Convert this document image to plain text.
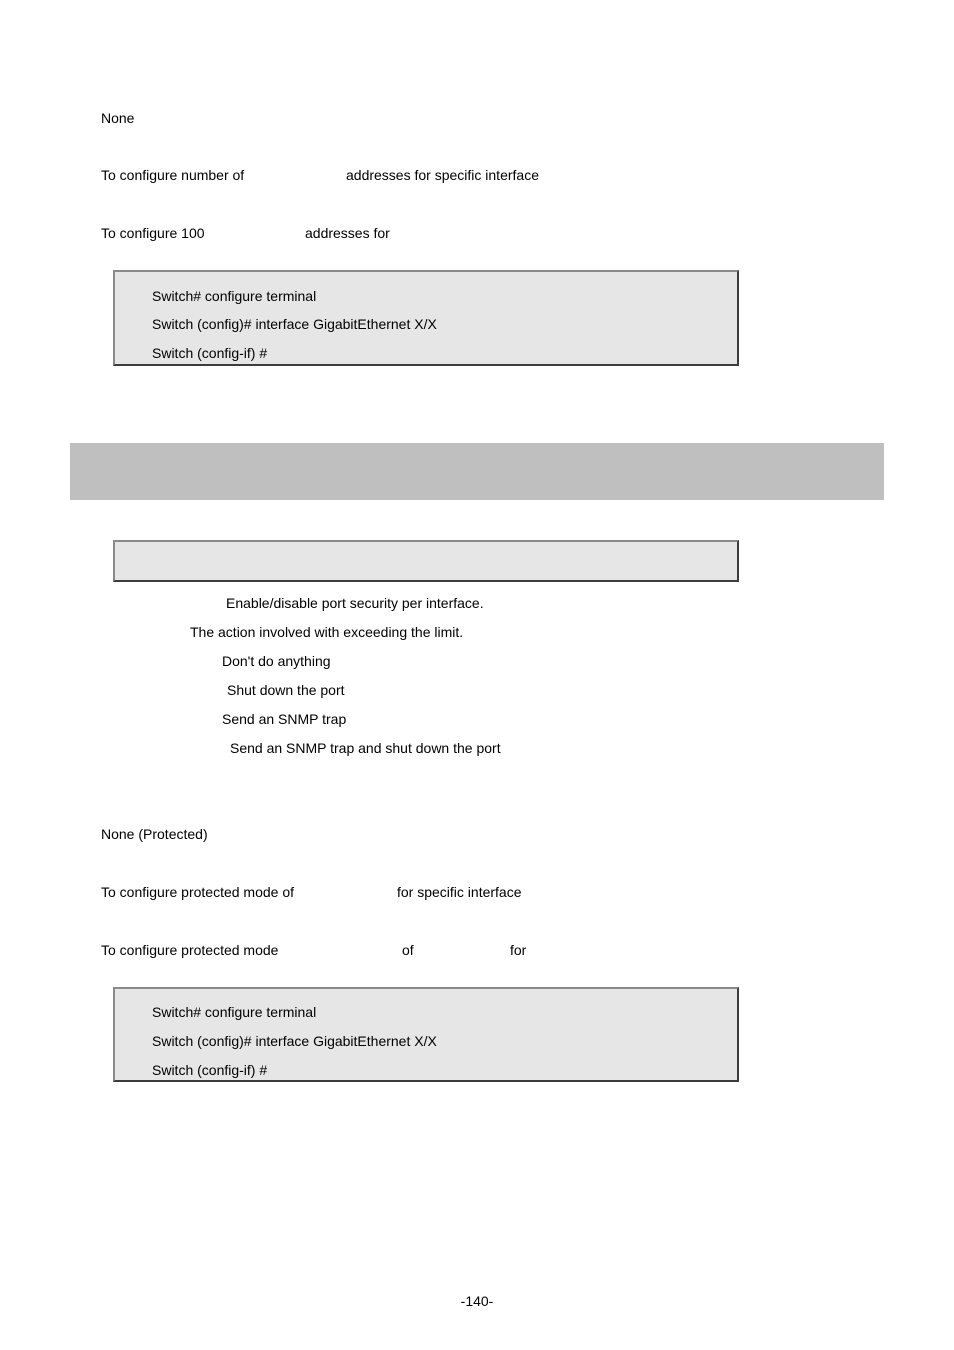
None
To configure number of	addresses for specific interface
To configure 100	addresses for
Switch# configure terminal
Switch (config)# interface GigabitEthernet X/X
Switch (config-if) #
Enable/disable port security per interface.
The action involved with exceeding the limit.
Don't do anything
Shut down the port
Send an SNMP trap
Send an SNMP trap and shut down the port
None (Protected)
To configure protected mode of	for specific interface
To configure protected mode	of	for
Switch# configure terminal
Switch (config)# interface GigabitEthernet X/X
Switch (config-if) #
-140-
